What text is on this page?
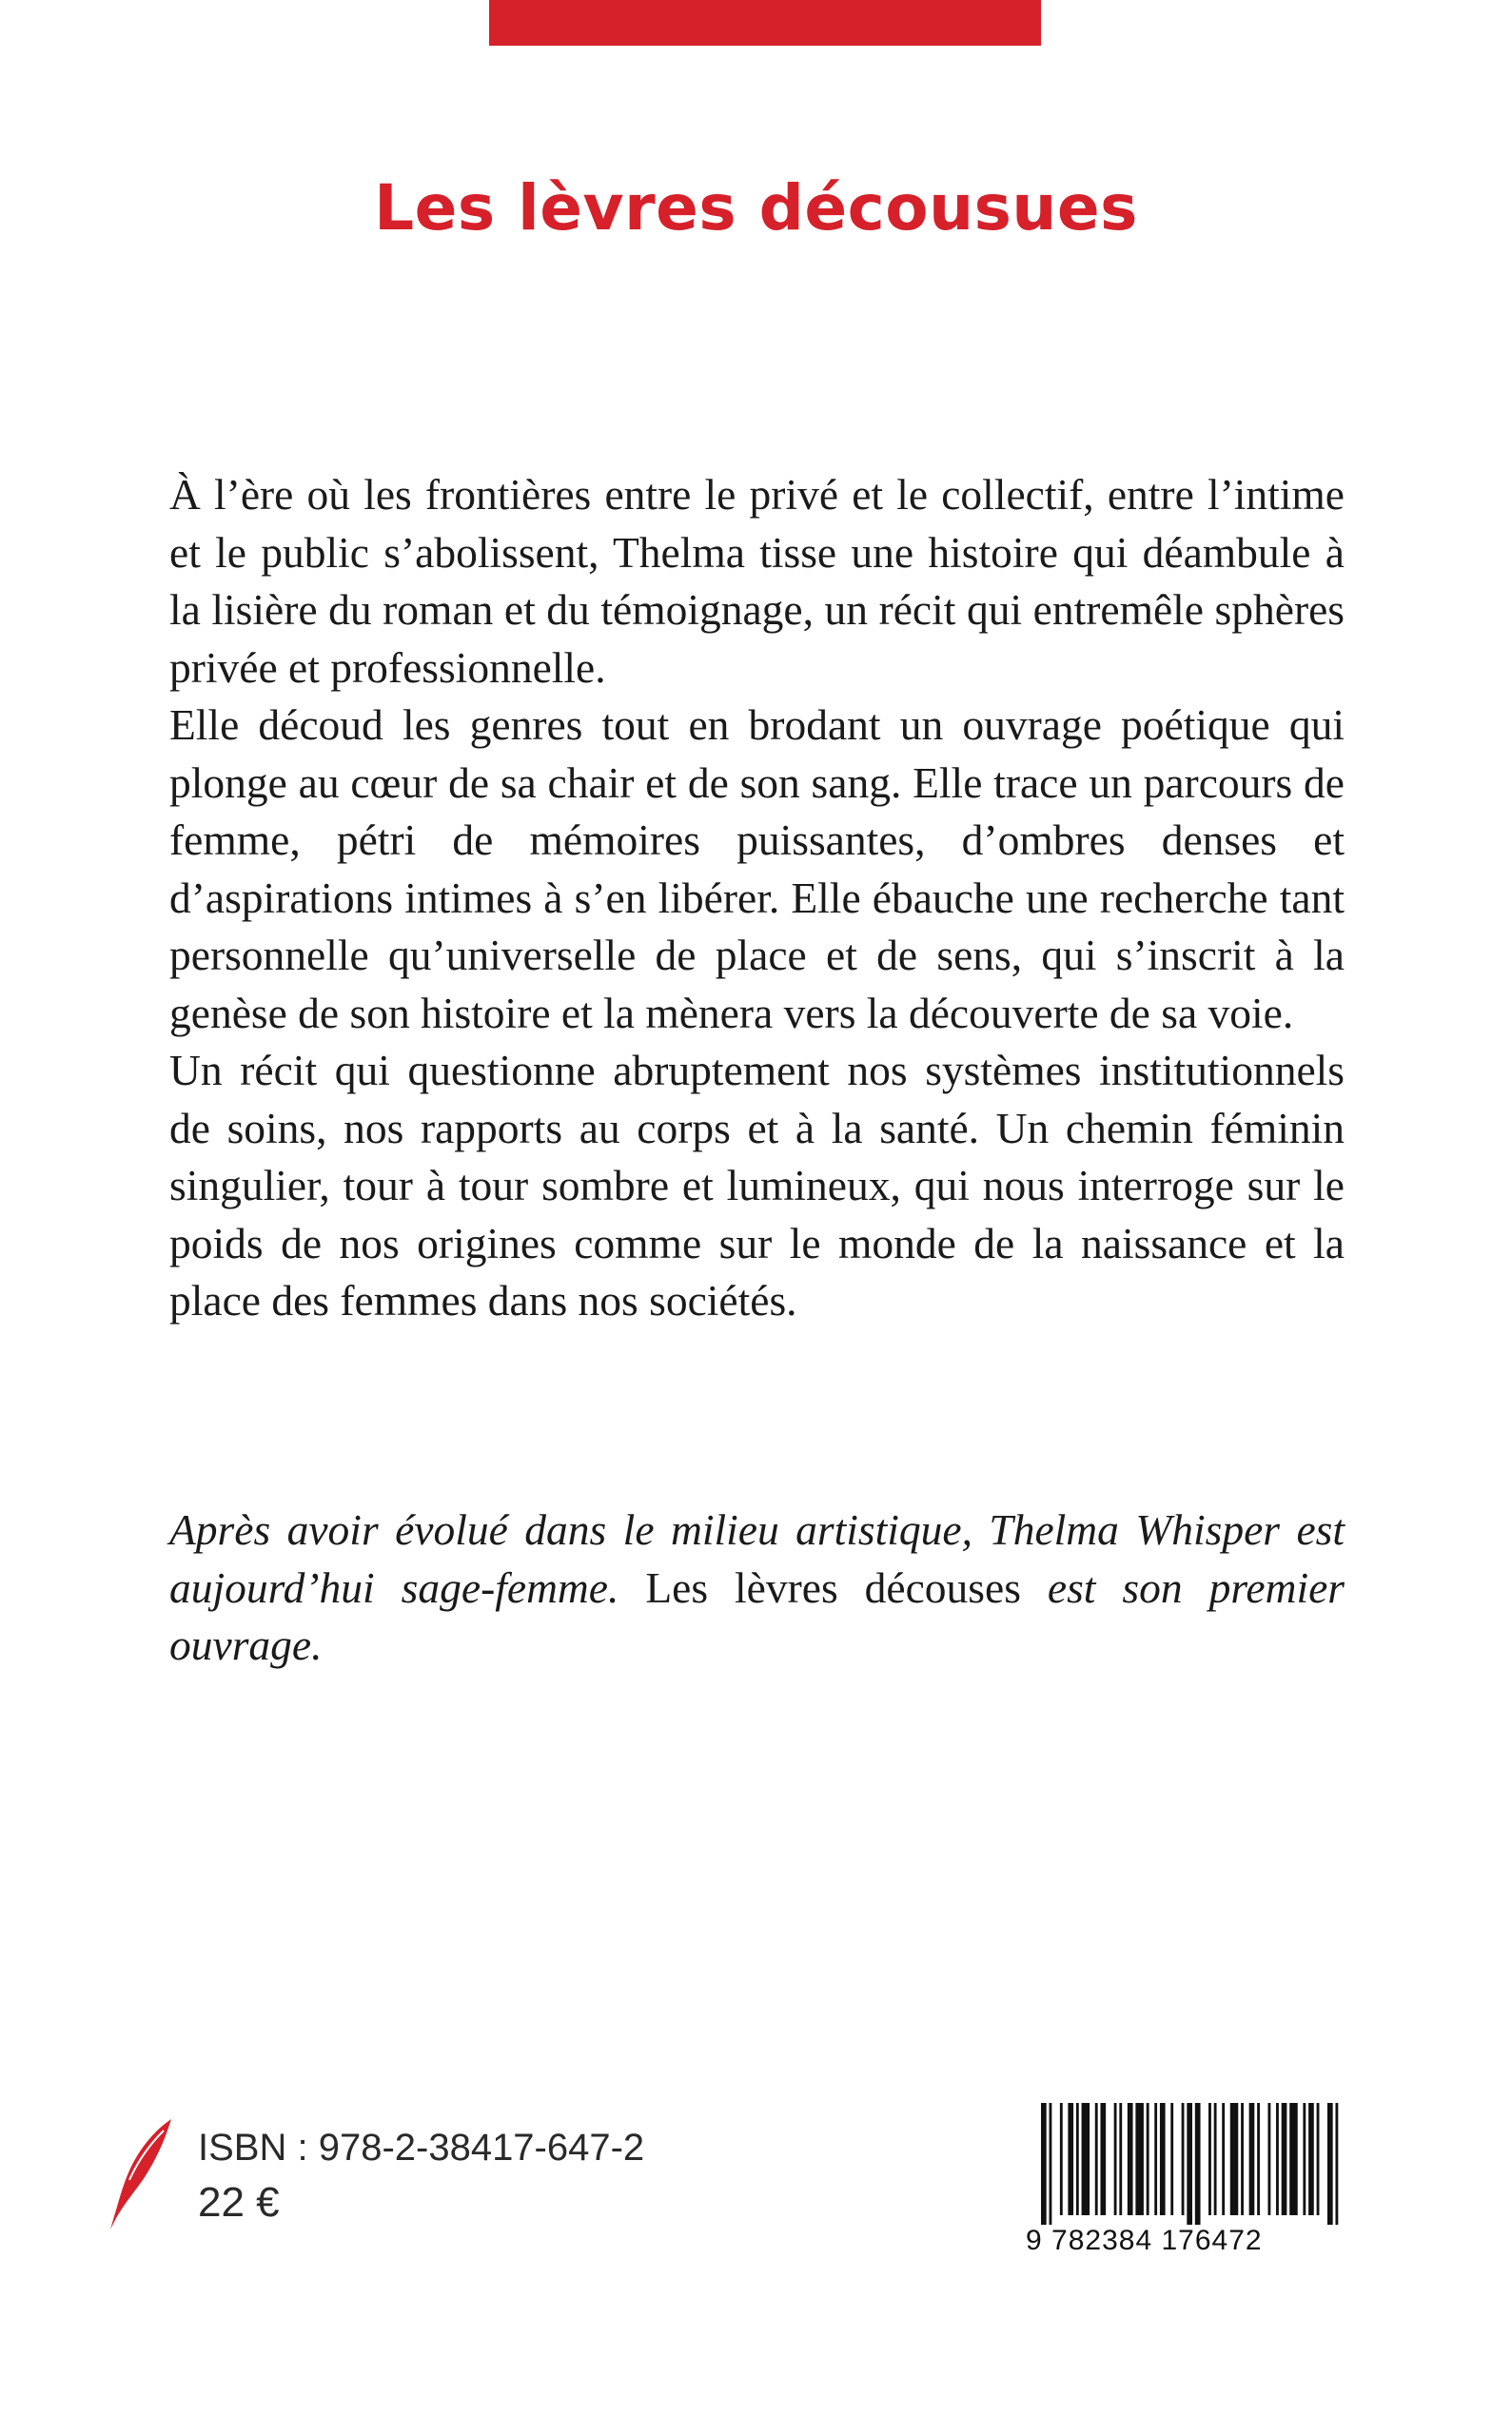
Les lèvres décousues

À l’ère où les frontières entre le privé et le collectif, entre l’intime et le public s’abolissent, Thelma tisse une histoire qui déambule à la lisière du roman et du témoignage, un récit qui entremêle sphères privée et professionnelle.

Elle découd les genres tout en brodant un ouvrage poétique qui plonge au cœur de sa chair et de son sang. Elle trace un parcours de femme, pétri de mémoires puissantes, d’ombres denses et d’aspirations intimes à s’en libérer. Elle ébauche une recherche tant personnelle qu’universelle de place et de sens, qui s’inscrit à la genèse de son histoire et la mènera vers la découverte de sa voie.

Un récit qui questionne abruptement nos systèmes institutionnels de soins, nos rapports au corps et à la santé. Un chemin féminin singulier, tour à tour sombre et lumineux, qui nous interroge sur le poids de nos origines comme sur le monde de la naissance et la place des femmes dans nos sociétés.

Après avoir évolué dans le milieu artistique, Thelma Whisper est aujourd’hui sage-femme. Les lèvres découses est son premier ouvrage.

ISBN : 978-2-38417-647-2

22 €

9 782384 176472
